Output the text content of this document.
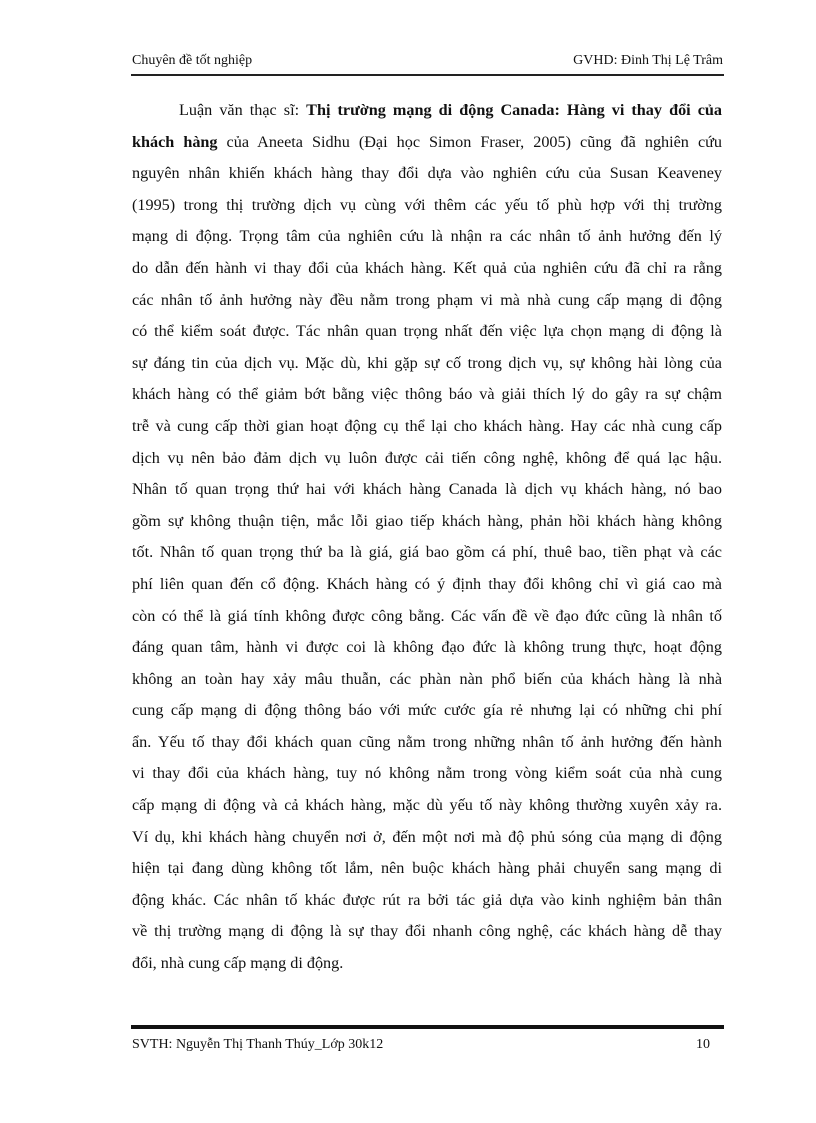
Chuyên đề tốt nghiệp	GVHD: Đinh Thị Lệ Trâm
Luận văn thạc sĩ: Thị trường mạng di động Canada: Hàng vi thay đổi của
khách hàng của Aneeta Sidhu (Đại học Simon Fraser, 2005) cũng đã nghiên cứu
nguyên nhân khiến khách hàng thay đổi dựa vào nghiên cứu của Susan Keaveney
(1995) trong thị trường dịch vụ cùng với thêm các yếu tố phù hợp với thị trường
mạng di động. Trọng tâm của nghiên cứu là nhận ra các nhân tố ảnh hưởng đến lý
do dẫn đến hành vi thay đổi của khách hàng. Kết quả của nghiên cứu đã chỉ ra rằng
các nhân tố ảnh hưởng này đều nằm trong phạm vi mà nhà cung cấp mạng di động
có thể kiểm soát được. Tác nhân quan trọng nhất đến việc lựa chọn mạng di động là
sự đáng tin của dịch vụ. Mặc dù, khi gặp sự cố trong dịch vụ, sự không hài lòng của
khách hàng có thể giảm bớt bằng việc thông báo và giải thích lý do gây ra sự chậm
trễ và cung cấp thời gian hoạt động cụ thể lại cho khách hàng. Hay các nhà cung cấp
dịch vụ nên bảo đảm dịch vụ luôn được cải tiến công nghệ, không để quá lạc hậu.
Nhân tố quan trọng thứ hai với khách hàng Canada là dịch vụ khách hàng, nó bao
gồm sự không thuận tiện, mắc lỗi giao tiếp khách hàng, phản hồi khách hàng không
tốt. Nhân tố quan trọng thứ ba là giá, giá bao gồm cá phí, thuê bao, tiền phạt và các
phí liên quan đến cổ động. Khách hàng có ý định thay đổi không chỉ vì giá cao mà
còn có thể là giá tính không được công bằng. Các vấn đề về đạo đức cũng là nhân tố
đáng quan tâm, hành vi được coi là không đạo đức là không trung thực, hoạt động
không an toàn hay xảy mâu thuẫn, các phàn nàn phổ biến của khách hàng là nhà
cung cấp mạng di động thông báo với mức cước gía rẻ nhưng lại có những chi phí
ẩn. Yếu tố thay đổi khách quan cũng nằm trong những nhân tố ảnh hưởng đến hành
vi thay đổi của khách hàng, tuy nó không nằm trong vòng kiểm soát của nhà cung
cấp mạng di động và cả khách hàng, mặc dù yếu tố này không thường xuyên xảy ra.
Ví dụ, khi khách hàng chuyển nơi ở, đến một nơi mà độ phủ sóng của mạng di động
hiện tại đang dùng không tốt lắm, nên buộc khách hàng phải chuyển sang mạng di
động khác. Các nhân tố khác được rút ra bởi tác giả dựa vào kinh nghiệm bản thân
về thị trường mạng di động là sự thay đổi nhanh công nghệ, các khách hàng dễ thay
đổi, nhà cung cấp mạng di động.
SVTH: Nguyễn Thị Thanh Thúy_Lớp 30k12	10
